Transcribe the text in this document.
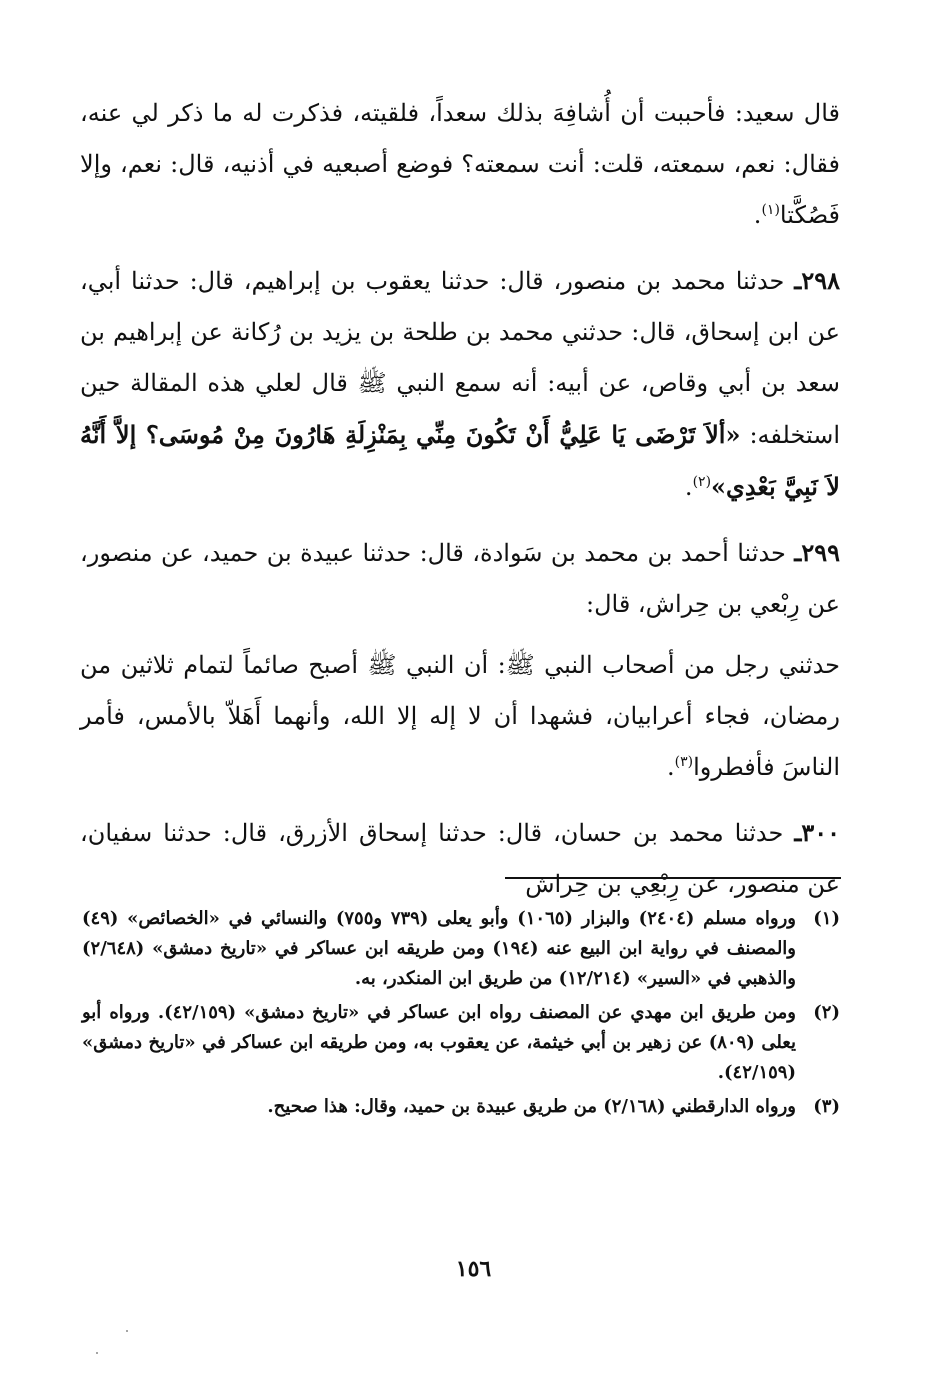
قال سعيد: فأحببت أن أُشافِهَ بذلك سعداً، فلقيته، فذكرت له ما ذكر لي عنه، فقال: نعم، سمعته، قلت: أنت سمعته؟ فوضع أصبعيه في أذنيه، قال: نعم، وإلا فَصُكَّتا$^{(١)}$.

٢٩٨ـ حدثنا محمد بن منصور، قال: حدثنا يعقوب بن إبراهيم، قال: حدثنا أبي، عن ابن إسحاق، قال: حدثني محمد بن طلحة بن يزيد بن رُكانة عن إبراهيم بن سعد بن أبي وقاص، عن أبيه: أنه سمع النبي ﷺ قال لعلي هذه المقالة حين استخلفه: «ألاَ تَرْضَى يَا عَلِيُّ أَنْ تَكُونَ مِنِّي بِمَنْزِلَةِ هَارُونَ مِنْ مُوسَى؟ إلاَّ أَنَّهُ لاَ نَبِيَّ بَعْدِي»$^{(٢)}$.

٢٩٩ـ حدثنا أحمد بن محمد بن سَوادة، قال: حدثنا عبيدة بن حميد، عن منصور، عن رِبْعي بن حِراش، قال:

حدثني رجل من أصحاب النبي ﷺ: أن النبي ﷺ أصبح صائماً لتمام ثلاثين من رمضان، فجاء أعرابيان، فشهدا أن لا إله إلا الله، وأنهما أَهَلاّ بالأمس، فأمر الناسَ فأفطروا$^{(٣)}$.

٣٠٠ـ حدثنا محمد بن حسان، قال: حدثنا إسحاق الأزرق، قال: حدثنا سفيان، عن منصور، عن رِبْعِي بن حِراش

(١)
ورواه مسلم (٢٤٠٤) والبزار (١٠٦٥) وأبو يعلى (٧٣٩ و٧٥٥) والنسائي في «الخصائص» (٤٩) والمصنف في رواية ابن البيع عنه (١٩٤) ومن طريقه ابن عساكر في «تاريخ دمشق» (٢/٦٤٨) والذهبي في «السير» (١٢/٢١٤) من طريق ابن المنكدر، به.
(٢)
ومن طريق ابن مهدي عن المصنف رواه ابن عساكر في «تاريخ دمشق» (٤٢/١٥٩). ورواه أبو يعلى (٨٠٩) عن زهير بن أبي خيثمة، عن يعقوب به، ومن طريقه ابن عساكر في «تاريخ دمشق» (٤٢/١٥٩).
(٣)
ورواه الدارقطني (٢/١٦٨) من طريق عبيدة بن حميد، وقال: هذا صحيح.
١٥٦
